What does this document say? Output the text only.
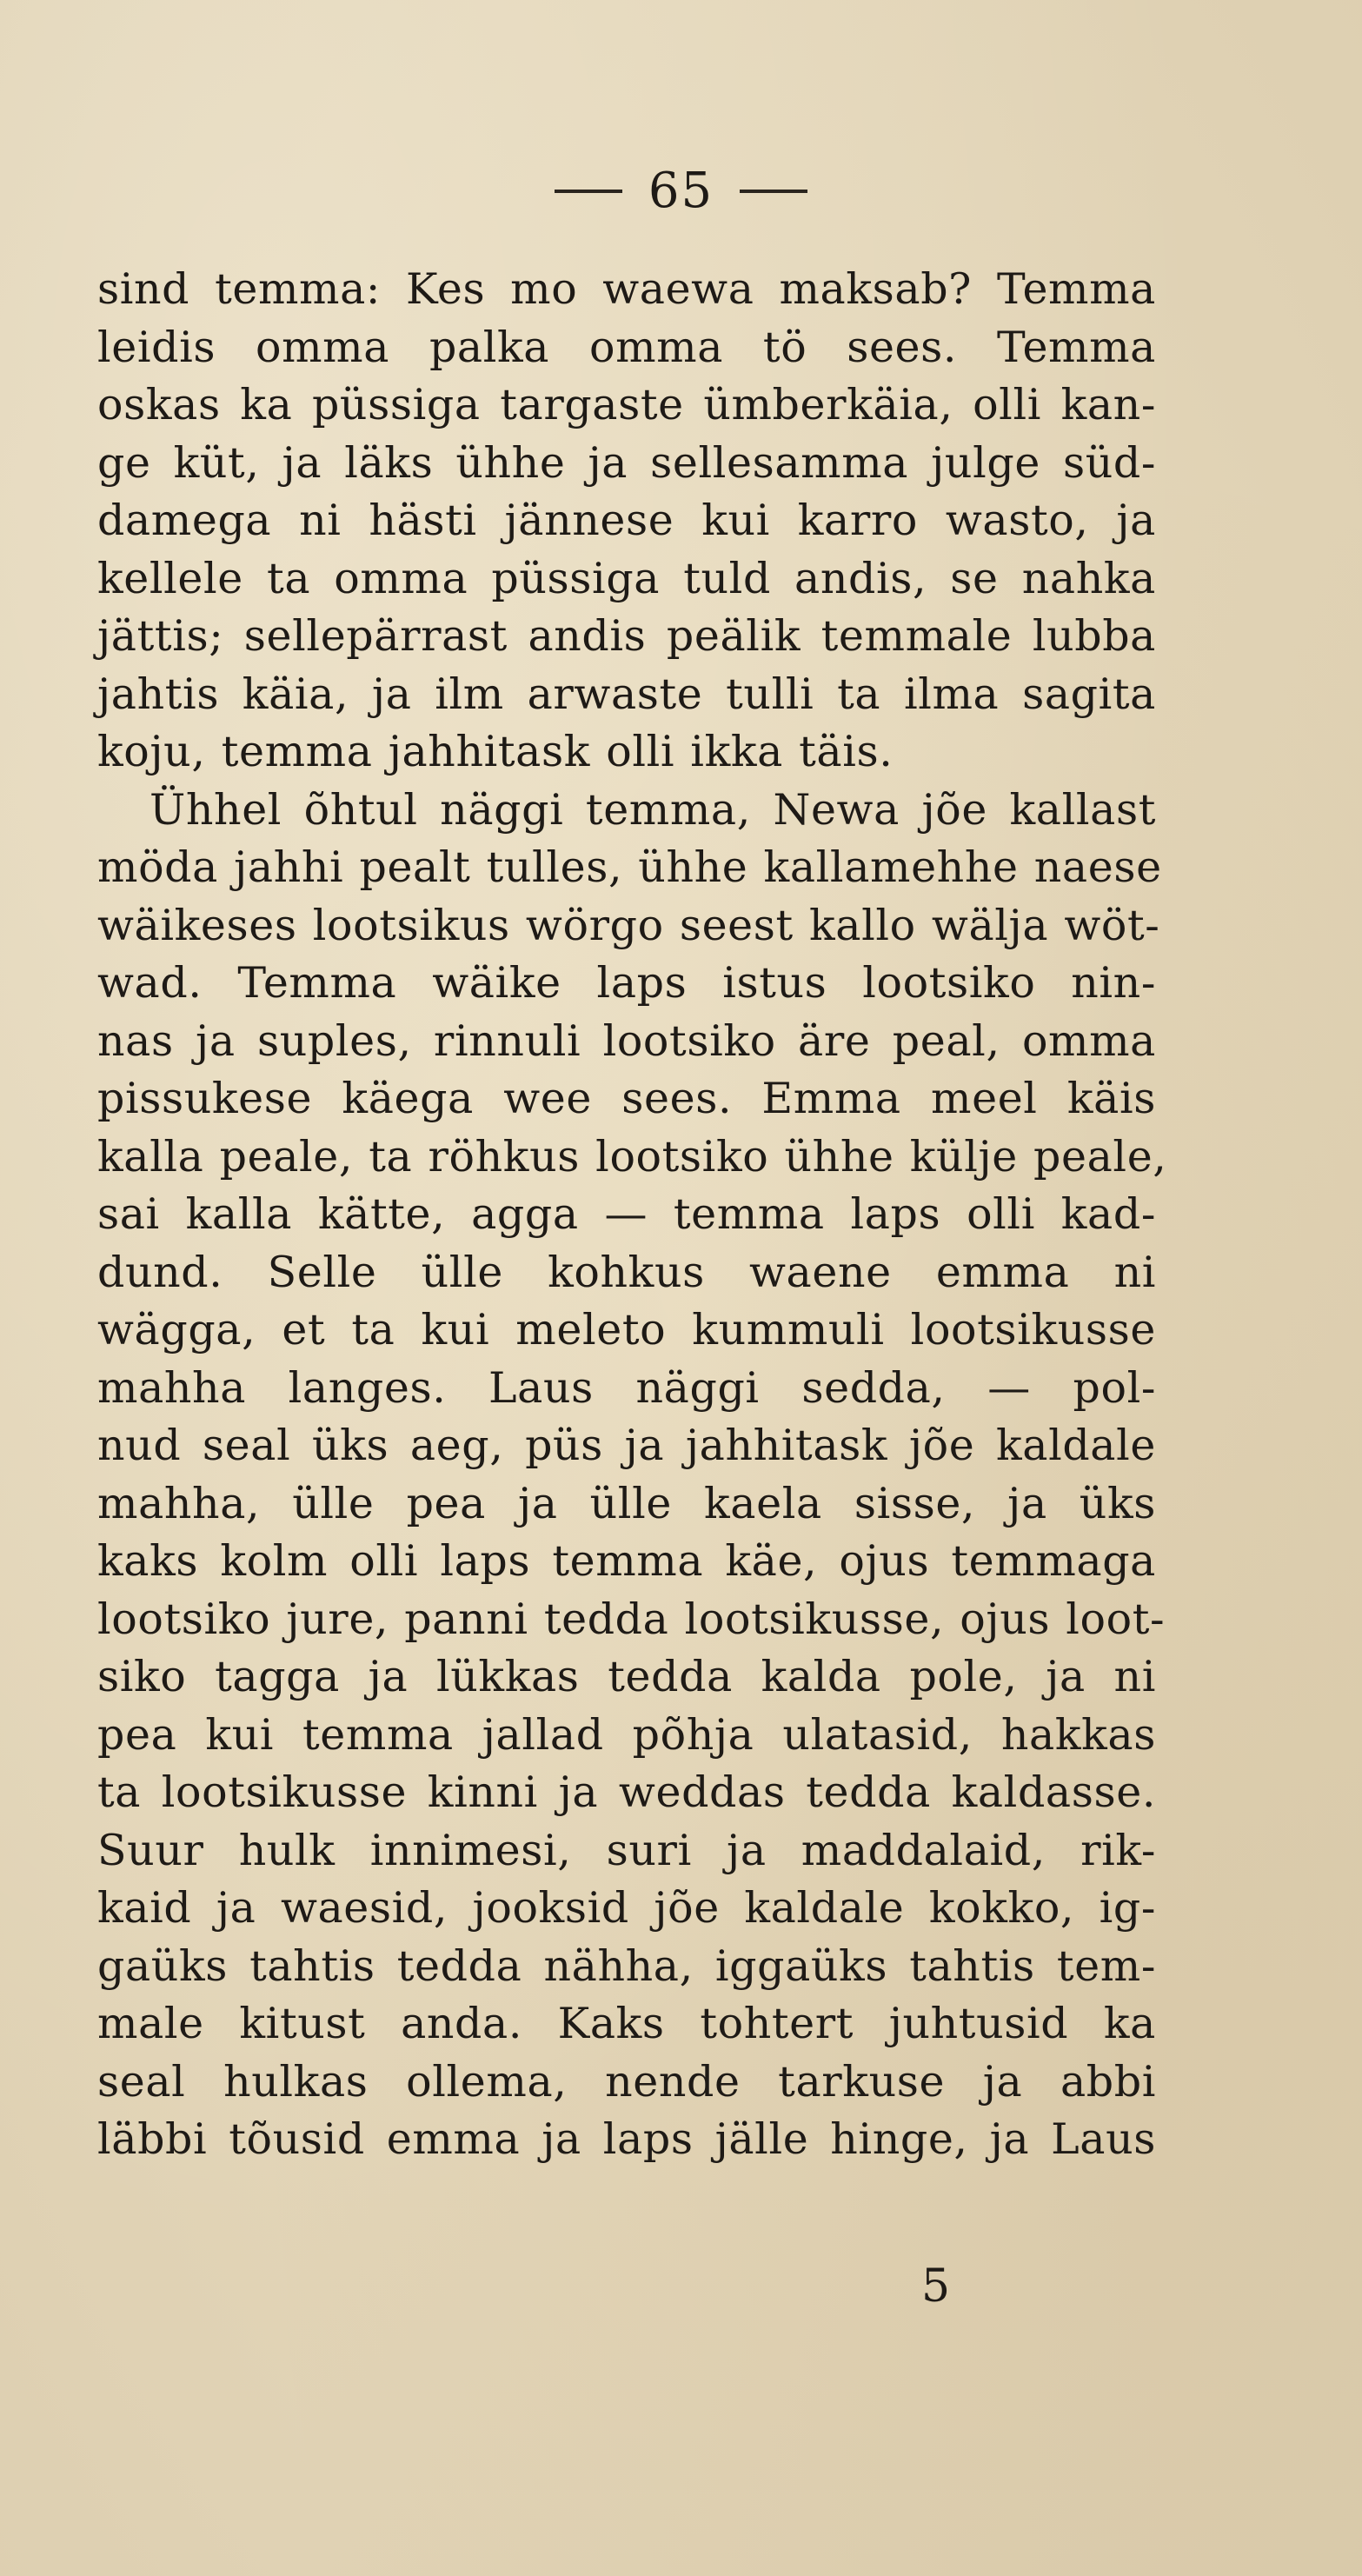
65
sind temma: Kes mo waewa maksab? Temma
leidis omma palka omma tö sees. Temma
oskas ka püssiga targaste ümberkäia, olli kan-
ge küt, ja läks ühhe ja sellesamma julge süd-
damega ni hästi jännese kui karro wasto, ja
kellele ta omma püssiga tuld andis, se nahka
jättis; sellepärrast andis peälik temmale lubba
jahtis käia, ja ilm arwaste tulli ta ilma sagita
koju, temma jahhitask olli ikka täis.
Ühhel õhtul näggi temma, Newa jõe kallast
möda jahhi pealt tulles, ühhe kallamehhe naese
wäikeses lootsikus wörgo seest kallo wälja wöt-
wad. Temma wäike laps istus lootsiko nin-
nas ja suples, rinnuli lootsiko äre peal, omma
pissukese käega wee sees. Emma meel käis
kalla peale, ta röhkus lootsiko ühhe külje peale,
sai kalla kätte, agga — temma laps olli kad-
dund. Selle ülle kohkus waene emma ni
wägga, et ta kui meleto kummuli lootsikusse
mahha langes. Laus näggi sedda, — pol-
nud seal üks aeg, püs ja jahhitask jõe kaldale
mahha, ülle pea ja ülle kaela sisse, ja üks
kaks kolm olli laps temma käe, ojus temmaga
lootsiko jure, panni tedda lootsikusse, ojus loot-
siko tagga ja lükkas tedda kalda pole, ja ni
pea kui temma jallad põhja ulatasid, hakkas
ta lootsikusse kinni ja weddas tedda kaldasse.
Suur hulk innimesi, suri ja maddalaid, rik-
kaid ja waesid, jooksid jõe kaldale kokko, ig-
gaüks tahtis tedda nähha, iggaüks tahtis tem-
male kitust anda. Kaks tohtert juhtusid ka
seal hulkas ollema, nende tarkuse ja abbi
läbbi tõusid emma ja laps jälle hinge, ja Laus
5
